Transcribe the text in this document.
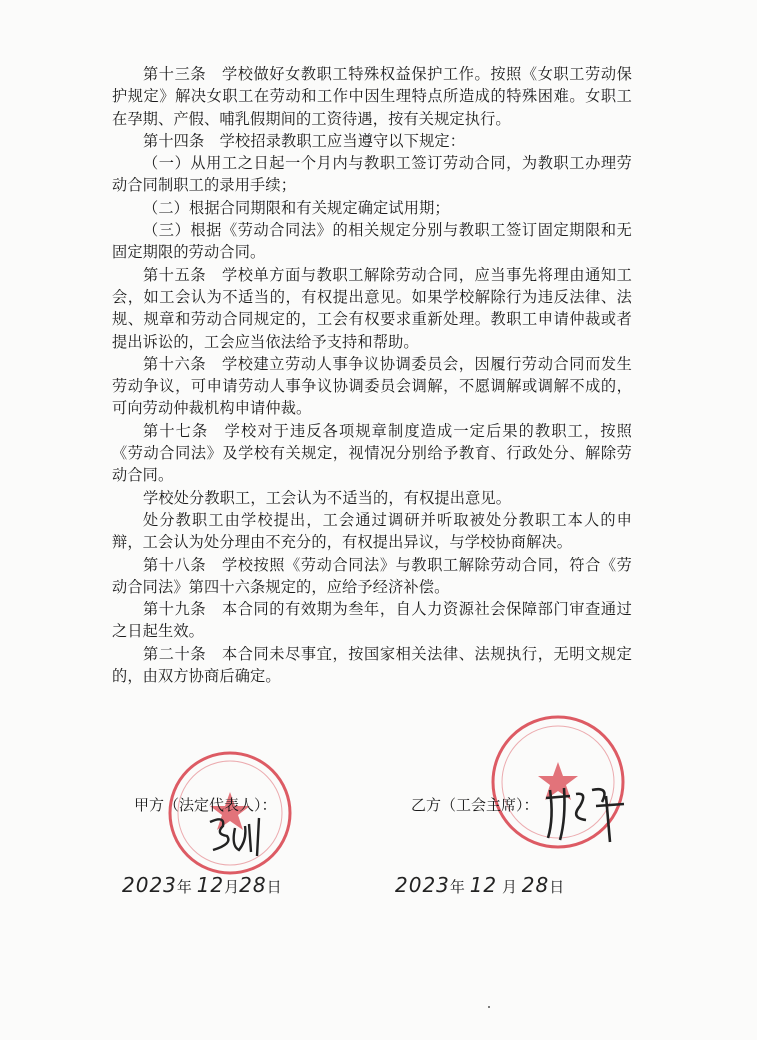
第十三条　学校做好女教职工特殊权益保护工作。按照《女职工劳动保护规定》解决女职工在劳动和工作中因生理特点所造成的特殊困难。女职工在孕期、产假、哺乳假期间的工资待遇，按有关规定执行。

第十四条　学校招录教职工应当遵守以下规定：

（一）从用工之日起一个月内与教职工签订劳动合同，为教职工办理劳动合同制职工的录用手续；

（二）根据合同期限和有关规定确定试用期；

（三）根据《劳动合同法》的相关规定分别与教职工签订固定期限和无固定期限的劳动合同。

第十五条　学校单方面与教职工解除劳动合同，应当事先将理由通知工会，如工会认为不适当的，有权提出意见。如果学校解除行为违反法律、法规、规章和劳动合同规定的，工会有权要求重新处理。教职工申请仲裁或者提出诉讼的，工会应当依法给予支持和帮助。

第十六条　学校建立劳动人事争议协调委员会，因履行劳动合同而发生劳动争议，可申请劳动人事争议协调委员会调解，不愿调解或调解不成的，可向劳动仲裁机构申请仲裁。

第十七条　学校对于违反各项规章制度造成一定后果的教职工，按照《劳动合同法》及学校有关规定，视情况分别给予教育、行政处分、解除劳动合同。

学校处分教职工，工会认为不适当的，有权提出意见。

处分教职工由学校提出，工会通过调研并听取被处分教职工本人的申辩，工会认为处分理由不充分的，有权提出异议，与学校协商解决。

第十八条　学校按照《劳动合同法》与教职工解除劳动合同，符合《劳动合同法》第四十六条规定的，应给予经济补偿。

第十九条　本合同的有效期为叁年，自人力资源社会保障部门审查通过之日起生效。

第二十条　本合同未尽事宜，按国家相关法律、法规执行，无明文规定的，由双方协商后确定。

甲方（法定代表人）：	乙方（工会主席）：
2023年 12月28日	2023年 12 月 28日
